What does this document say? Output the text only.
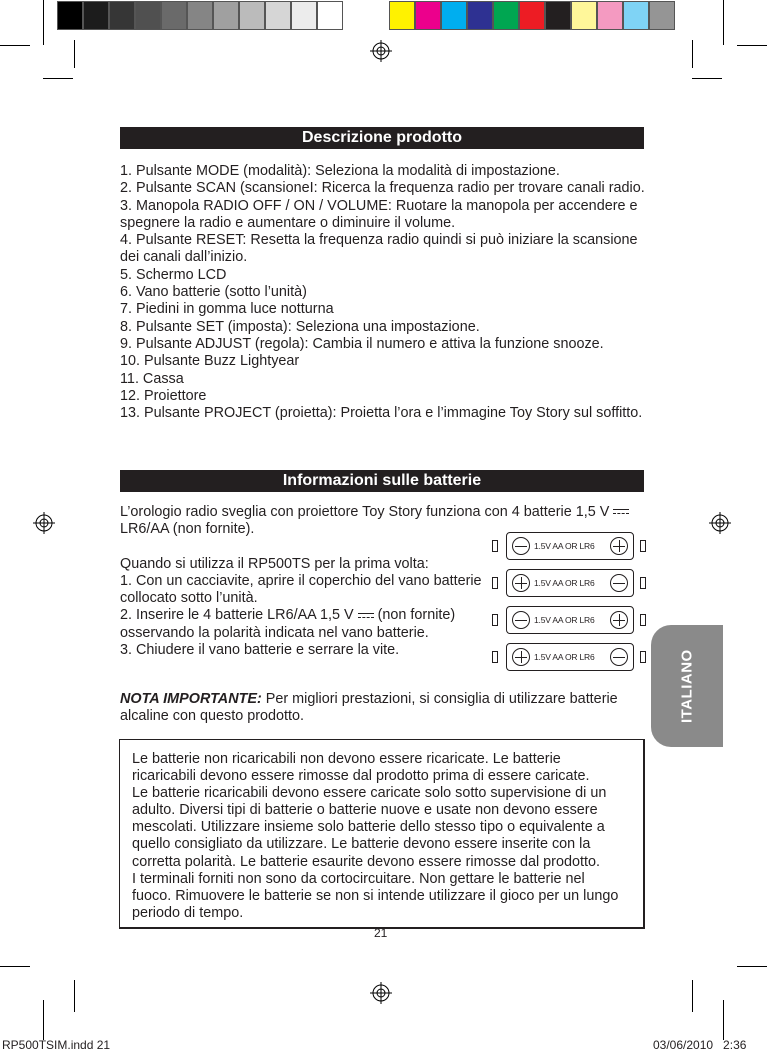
Descrizione prodotto

1. Pulsante MODE (modalità): Seleziona la modalità di impostazione.

2. Pulsante SCAN (scansioneI: Ricerca la frequenza radio per trovare canali radio.

3. Manopola RADIO OFF / ON / VOLUME: Ruotare la manopola per accendere e spegnere la radio e aumentare o diminuire il volume.

4. Pulsante RESET: Resetta la frequenza radio quindi si può iniziare la scansione dei canali dall’inizio.

5. Schermo LCD

6. Vano batterie (sotto l’unità)

7. Piedini in gomma luce notturna

8. Pulsante SET (imposta): Seleziona una impostazione.

9. Pulsante ADJUST (regola): Cambia il numero e attiva la funzione snooze.

10. Pulsante Buzz Lightyear

11. Cassa

12. Proiettore

13. Pulsante PROJECT (proietta): Proietta l’ora e l’immagine Toy Story sul soffitto.

Informazioni sulle batterie

L’orologio radio sveglia con proiettore Toy Story funziona con 4 batterie 1,5 V

LR6/AA (non fornite).

Quando si utilizza il RP500TS per la prima volta:

1. Con un cacciavite, aprire il coperchio del vano batterie

collocato sotto l’unità.

2. Inserire le 4 batterie LR6/AA 1,5 V (non fornite)

osservando la polarità indicata nel vano batterie.

3. Chiudere il vano batterie e serrare la vite.

1.5V AA OR LR6
1.5V AA OR LR6
1.5V AA OR LR6
1.5V AA OR LR6
NOTA IMPORTANTE: Per migliori prestazioni, si consiglia di utilizzare batterie alcaline con questo prodotto.

Le batterie non ricaricabili non devono essere ricaricate. Le batterie

ricaricabili devono essere rimosse dal prodotto prima di essere caricate.

Le batterie ricaricabili devono essere caricate solo sotto supervisione di un

adulto. Diversi tipi di batterie o batterie nuove e usate non devono essere

mescolati. Utilizzare insieme solo batterie dello stesso tipo o equivalente a

quello consigliato da utilizzare. Le batterie devono essere inserite con la

corretta polarità. Le batterie esaurite devono essere rimosse dal prodotto.

I terminali forniti non sono da cortocircuitare. Non gettare le batterie nel

fuoco. Rimuovere le batterie se non si intende utilizzare il gioco per un lungo

periodo di tempo.

ITALIANO
21
RP500TSIM.indd 21	03/06/2010   2:36
